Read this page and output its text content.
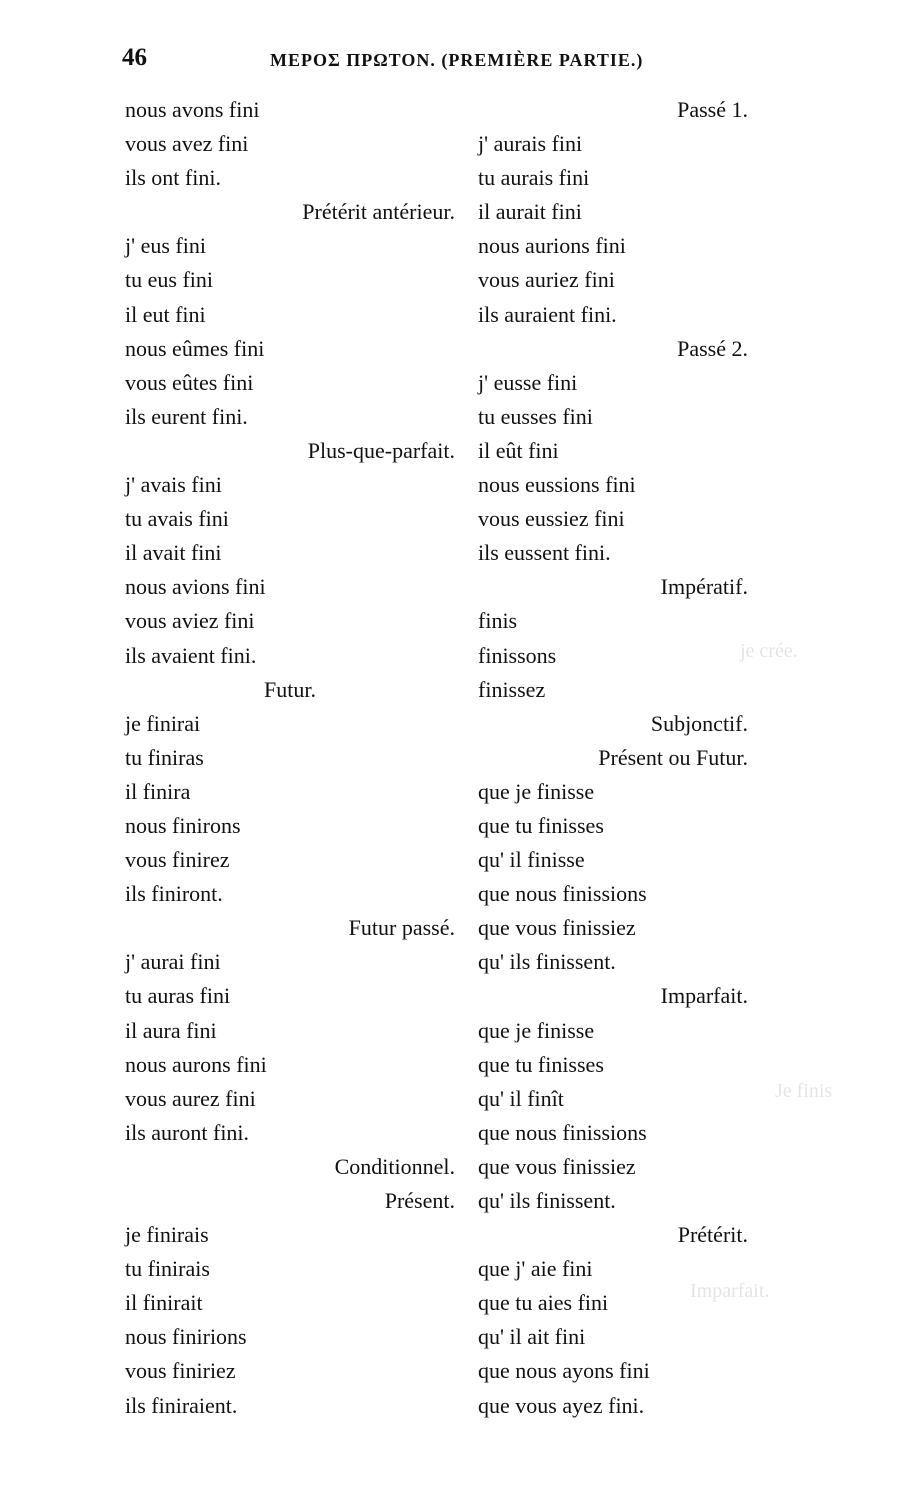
je crée.
Je finis
Imparfait.
46	ΜΕΡΟΣ ΠΡΩΤΟΝ. (PREMIÈRE PARTIE.)
nous avons fini
vous avez fini
ils ont fini.
Prétérit antérieur.
j' eus fini
tu eus fini
il eut fini
nous eûmes fini
vous eûtes fini
ils eurent fini.
Plus-que-parfait.
j' avais fini
tu avais fini
il avait fini
nous avions fini
vous aviez fini
ils avaient fini.
Futur.
je finirai
tu finiras
il finira
nous finirons
vous finirez
ils finiront.
Futur passé.
j' aurai fini
tu auras fini
il aura fini
nous aurons fini
vous aurez fini
ils auront fini.
Conditionnel.
Présent.
je finirais
tu finirais
il finirait
nous finirions
vous finiriez
ils finiraient.
Passé 1.
j' aurais fini
tu aurais fini
il aurait fini
nous aurions fini
vous auriez fini
ils auraient fini.
Passé 2.
j' eusse fini
tu eusses fini
il eût fini
nous eussions fini
vous eussiez fini
ils eussent fini.
Impératif.
finis
finissons
finissez
Subjonctif.
Présent ou Futur.
que je finisse
que tu finisses
qu' il finisse
que nous finissions
que vous finissiez
qu' ils finissent.
Imparfait.
que je finisse
que tu finisses
qu' il finît
que nous finissions
que vous finissiez
qu' ils finissent.
Prétérit.
que j' aie fini
que tu aies fini
qu' il ait fini
que nous ayons fini
que vous ayez fini.
